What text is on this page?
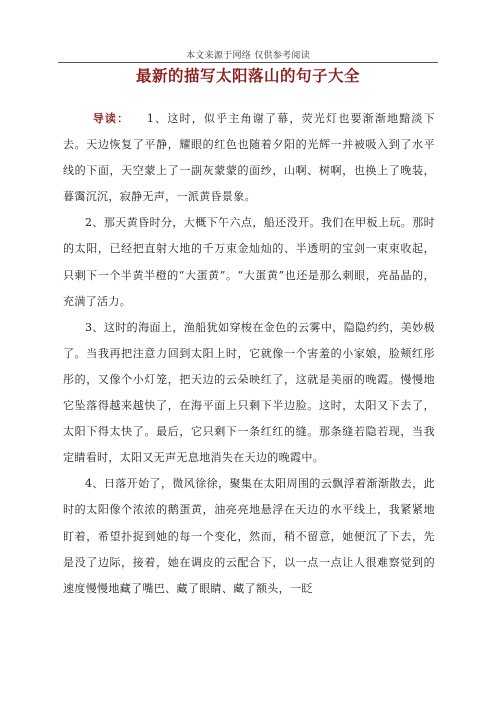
本文来源于网络 仅供参考阅读
最新的描写太阳落山的句子大全

导读： 1、这时，似乎主角谢了幕，荧光灯也要渐渐地黯淡下去。天边恢复了平静，耀眼的红色也随着夕阳的光辉一并被吸入到了水平线的下面，天空蒙上了一副灰蒙蒙的面纱，山啊、树啊，也换上了晚装，暮霭沉沉，寂静无声，一派黄昏景象。

2、那天黄昏时分，大概下午六点，船还没开。我们在甲板上玩。那时的太阳，已经把直射大地的千万束金灿灿的、半透明的宝剑一束束收起，只剩下一个半黄半橙的“大蛋黄”。“大蛋黄”也还是那么刺眼，亮晶晶的，充满了活力。

3、这时的海面上，渔船犹如穿梭在金色的云雾中，隐隐约约，美妙极了。当我再把注意力回到太阳上时，它就像一个害羞的小家娘，脸颊红彤彤的，又像个小灯笼，把天边的云朵映红了，这就是美丽的晚霞。慢慢地它坠落得越来越快了，在海平面上只剩下半边脸。这时，太阳又下去了，太阳下得太快了。最后，它只剩下一条红红的缝。那条缝若隐若现，当我定睛看时，太阳又无声无息地消失在天边的晚霞中。

4、日落开始了，微风徐徐，聚集在太阳周围的云飘浮着渐渐散去，此时的太阳像个浓浓的鹅蛋黄，油亮亮地悬浮在天边的水平线上，我紧紧地盯着，希望扑捉到她的每一个变化，然而，稍不留意，她便沉了下去，先是没了边际，接着，她在调皮的云配合下，以一点一点让人很难察觉到的速度慢慢地藏了嘴巴、藏了眼睛、藏了额头，一眨
